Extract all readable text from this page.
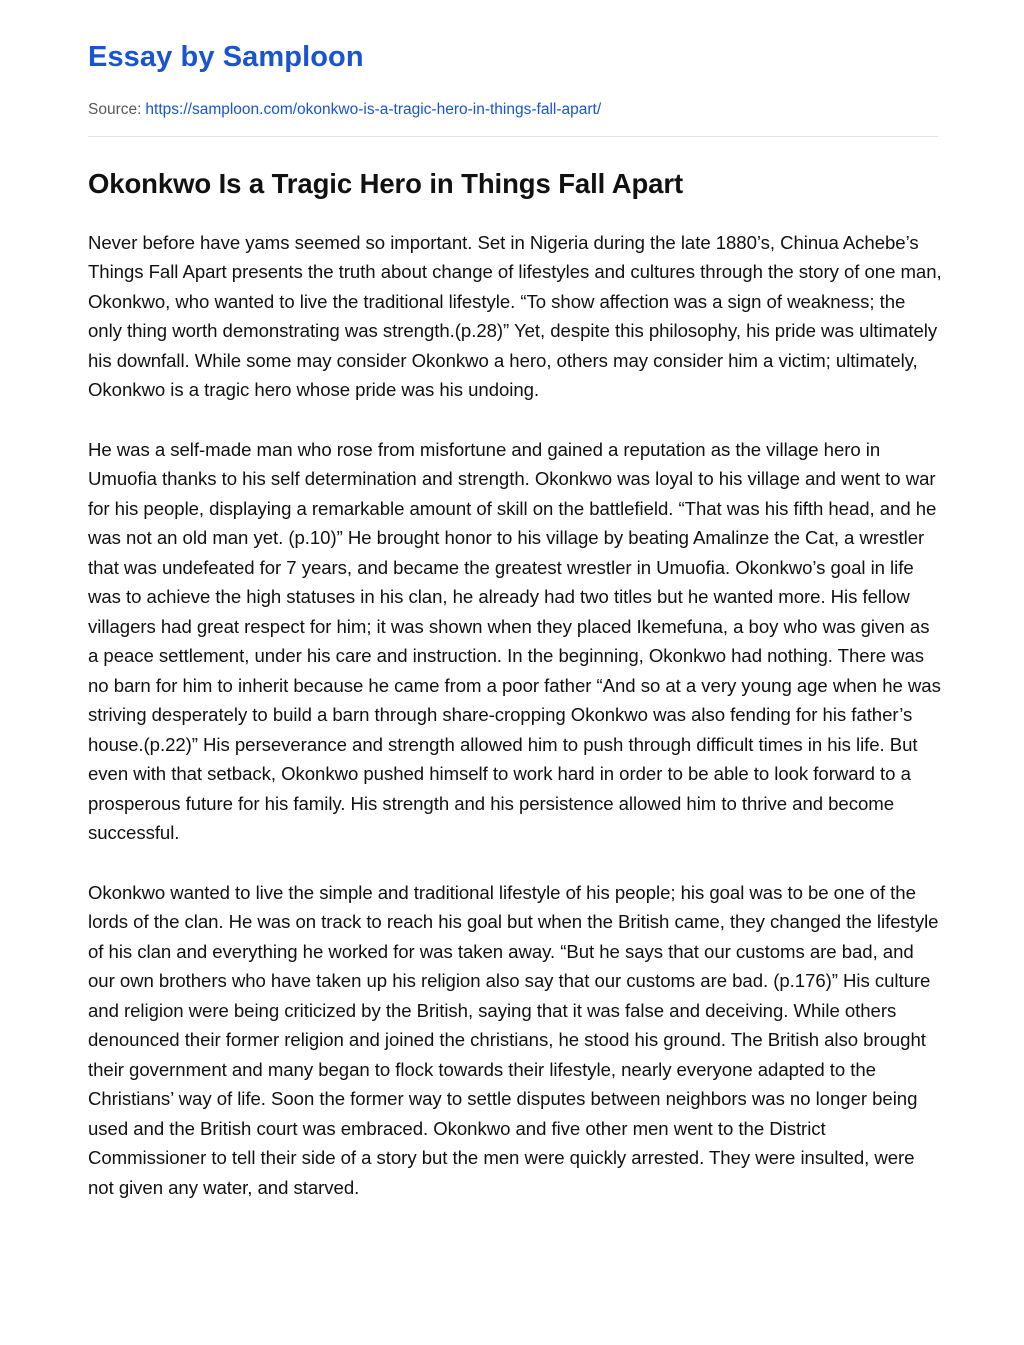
Essay by Samploon
Source: https://samploon.com/okonkwo-is-a-tragic-hero-in-things-fall-apart/
Okonkwo Is a Tragic Hero in Things Fall Apart

Never before have yams seemed so important. Set in Nigeria during the late 1880’s, Chinua Achebe’s Things Fall Apart presents the truth about change of lifestyles and cultures through the story of one man, Okonkwo, who wanted to live the traditional lifestyle. “To show affection was a sign of weakness; the only thing worth demonstrating was strength.(p.28)” Yet, despite this philosophy, his pride was ultimately his downfall. While some may consider Okonkwo a hero, others may consider him a victim; ultimately, Okonkwo is a tragic hero whose pride was his undoing.

He was a self-made man who rose from misfortune and gained a reputation as the village hero in Umuofia thanks to his self determination and strength. Okonkwo was loyal to his village and went to war for his people, displaying a remarkable amount of skill on the battlefield. “That was his fifth head, and he was not an old man yet. (p.10)” He brought honor to his village by beating Amalinze the Cat, a wrestler that was undefeated for 7 years, and became the greatest wrestler in Umuofia. Okonkwo’s goal in life was to achieve the high statuses in his clan, he already had two titles but he wanted more. His fellow villagers had great respect for him; it was shown when they placed Ikemefuna, a boy who was given as a peace settlement, under his care and instruction. In the beginning, Okonkwo had nothing. There was no barn for him to inherit because he came from a poor father “And so at a very young age when he was striving desperately to build a barn through share-cropping Okonkwo was also fending for his father’s house.(p.22)” His perseverance and strength allowed him to push through difficult times in his life. But even with that setback, Okonkwo pushed himself to work hard in order to be able to look forward to a prosperous future for his family. His strength and his persistence allowed him to thrive and become successful.

Okonkwo wanted to live the simple and traditional lifestyle of his people; his goal was to be one of the lords of the clan. He was on track to reach his goal but when the British came, they changed the lifestyle of his clan and everything he worked for was taken away. “But he says that our customs are bad, and our own brothers who have taken up his religion also say that our customs are bad. (p.176)” His culture and religion were being criticized by the British, saying that it was false and deceiving. While others denounced their former religion and joined the christians, he stood his ground. The British also brought their government and many began to flock towards their lifestyle, nearly everyone adapted to the Christians’ way of life. Soon the former way to settle disputes between neighbors was no longer being used and the British court was embraced. Okonkwo and five other men went to the District Commissioner to tell their side of a story but the men were quickly arrested. They were insulted, were not given any water, and starved.
